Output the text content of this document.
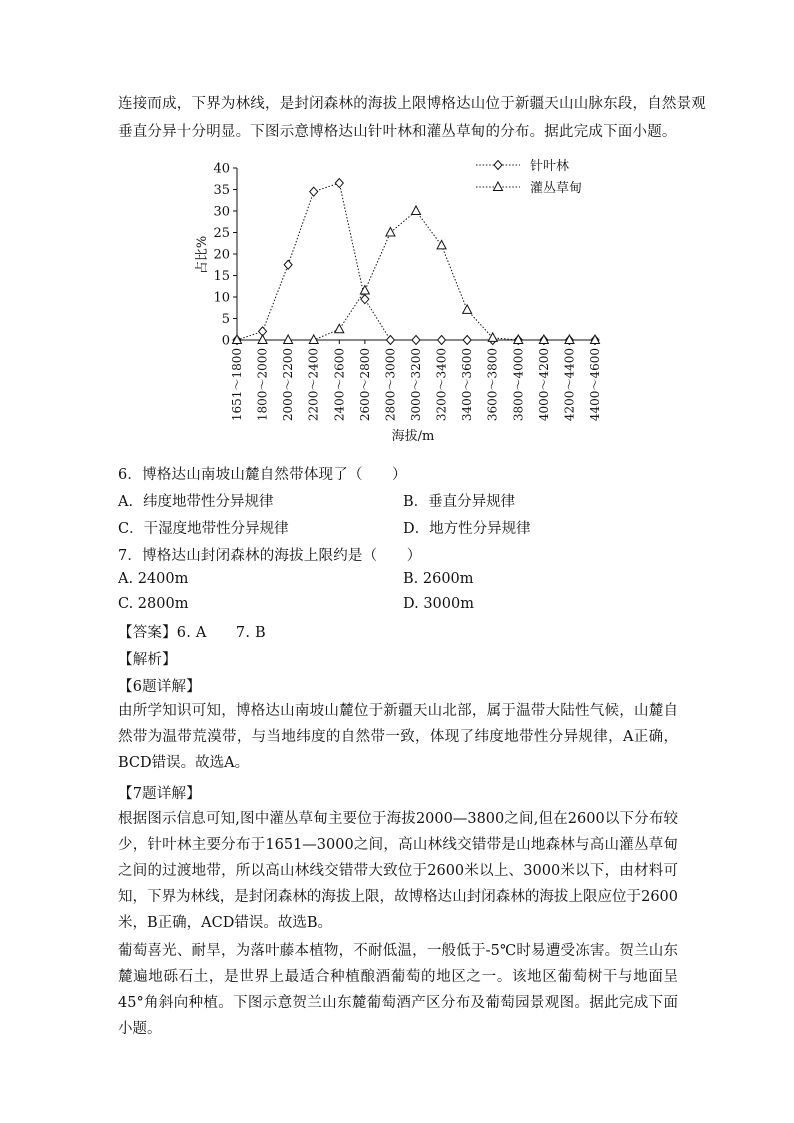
连接而成，下界为林线，是封闭森林的海拔上限博格达山位于新疆天山山脉东段，自然景观
垂直分异十分明显。下图示意博格达山针叶林和灌丛草甸的分布。据此完成下面小题。
0
5
10
15
20
25
30
35
40
1651～1800 1800～2000 2000～2200 2200～2400 2400～2600 2600～2800 2800～3000 3000～3200 3200～3400 3400～3600 3600～3800 3800～4000 4000～4200 4200～4400 4400～4600
针叶林
灌丛草甸
占比%
海拔/m
6．博格达山南坡山麓自然带体现了（　　）
A．纬度地带性分异规律	B．垂直分异规律
C．干湿度地带性分异规律	D．地方性分异规律
7．博格达山封闭森林的海拔上限约是（　　）
A. 2400m	B. 2600m
C. 2800m	D. 3000m
【答案】6. A　　7. B
【解析】
【6题详解】
由所学知识可知，博格达山南坡山麓位于新疆天山北部，属于温带大陆性气候，山麓自然带为温带荒漠带，与当地纬度的自然带一致，体现了纬度地带性分异规律，A正确，BCD错误。故选A。
【7题详解】
根据图示信息可知,图中灌丛草甸主要位于海拔2000—3800之间,但在2600以下分布较少，针叶林主要分布于1651—3000之间，高山林线交错带是山地森林与高山灌丛草甸之间的过渡地带，所以高山林线交错带大致位于2600米以上、3000米以下，由材料可知，下界为林线，是封闭森林的海拔上限，故博格达山封闭森林的海拔上限应位于2600米，B正确，ACD错误。故选B。
葡萄喜光、耐旱，为落叶藤本植物，不耐低温，一般低于-5℃时易遭受冻害。贺兰山东麓遍地砾石土，是世界上最适合种植酿酒葡萄的地区之一。该地区葡萄树干与地面呈45°角斜向种植。下图示意贺兰山东麓葡萄酒产区分布及葡萄园景观图。据此完成下面小题。
